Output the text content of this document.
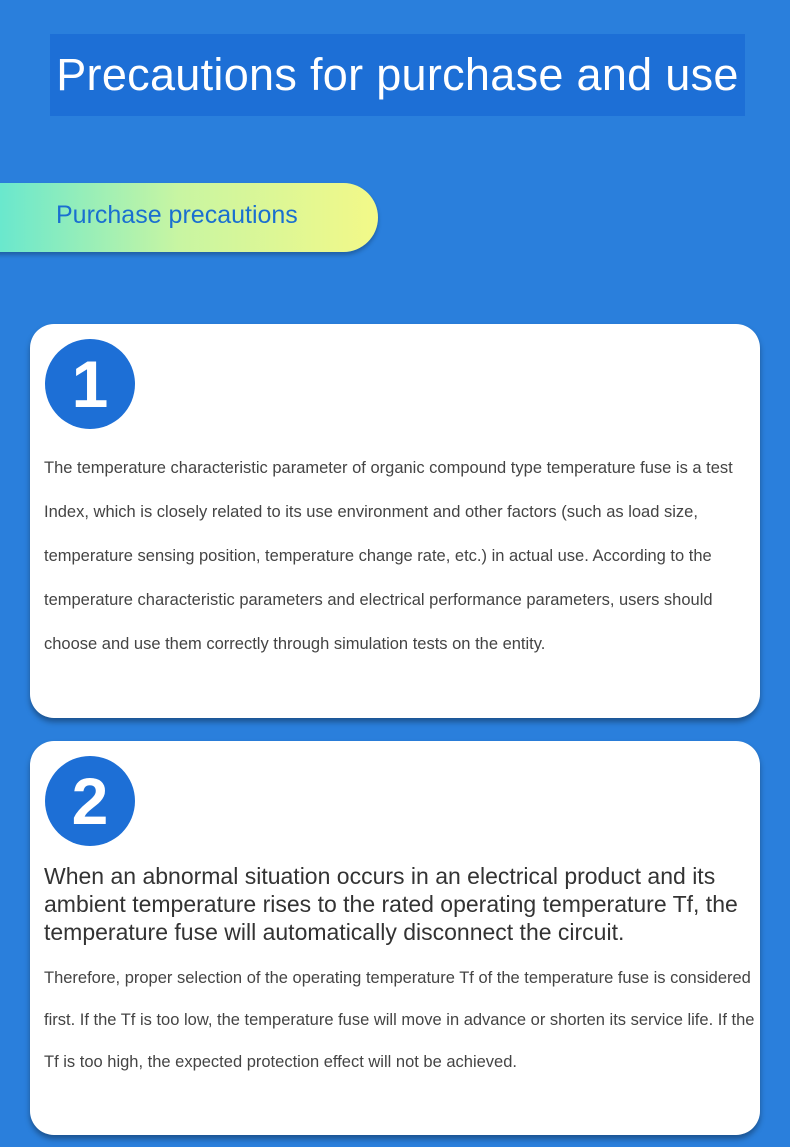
Precautions for purchase and use
Purchase precautions
1

The temperature characteristic parameter of organic compound type temperature fuse is a test Index, which is closely related to its use environment and other factors (such as load size, temperature sensing position, temperature change rate, etc.) in actual use. According to the temperature characteristic parameters and electrical performance parameters, users should choose and use them correctly through simulation tests on the entity.

2

When an abnormal situation occurs in an electrical product and its ambient temperature rises to the rated operating temperature Tf, the temperature fuse will automatically disconnect the circuit.

Therefore, proper selection of the operating temperature Tf of the temperature fuse is considered first. If the Tf is too low, the temperature fuse will move in advance or shorten its service life. If the Tf is too high, the expected protection effect will not be achieved.
